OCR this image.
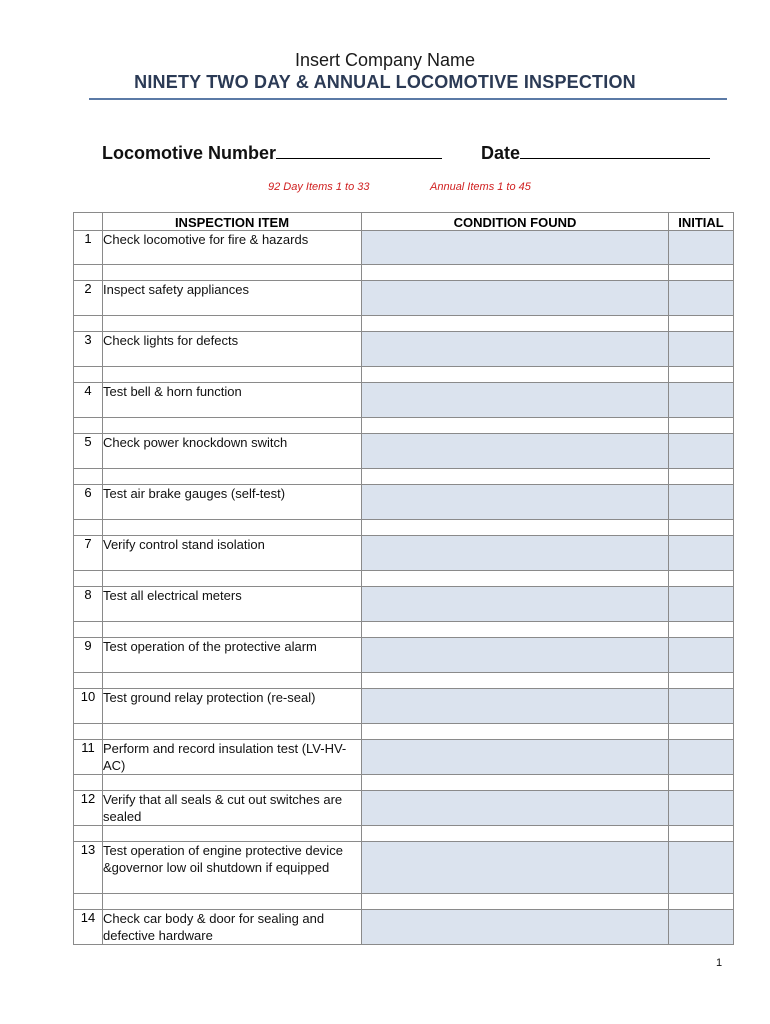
Insert Company Name
NINETY TWO DAY & ANNUAL LOCOMOTIVE INSPECTION
Locomotive Number	Date
92 Day Items 1 to 33	Annual Items 1 to 45
	INSPECTION ITEM	CONDITION FOUND	INITIAL
1	Check locomotive for fire & hazards		

2	Inspect safety appliances		

3	Check lights for defects		

4	Test bell & horn function		

5	Check power knockdown switch		

6	Test air brake gauges (self-test)		

7	Verify control stand isolation		

8	Test all electrical meters		

9	Test operation of the protective alarm		

10	Test ground relay protection (re-seal)		

11	Perform and record insulation test (LV-HV-AC)		

12	Verify that all seals & cut out switches are sealed		

13	Test operation of engine protective device &governor low oil shutdown if equipped		

14	Check car body & door for sealing and defective hardware		
1
